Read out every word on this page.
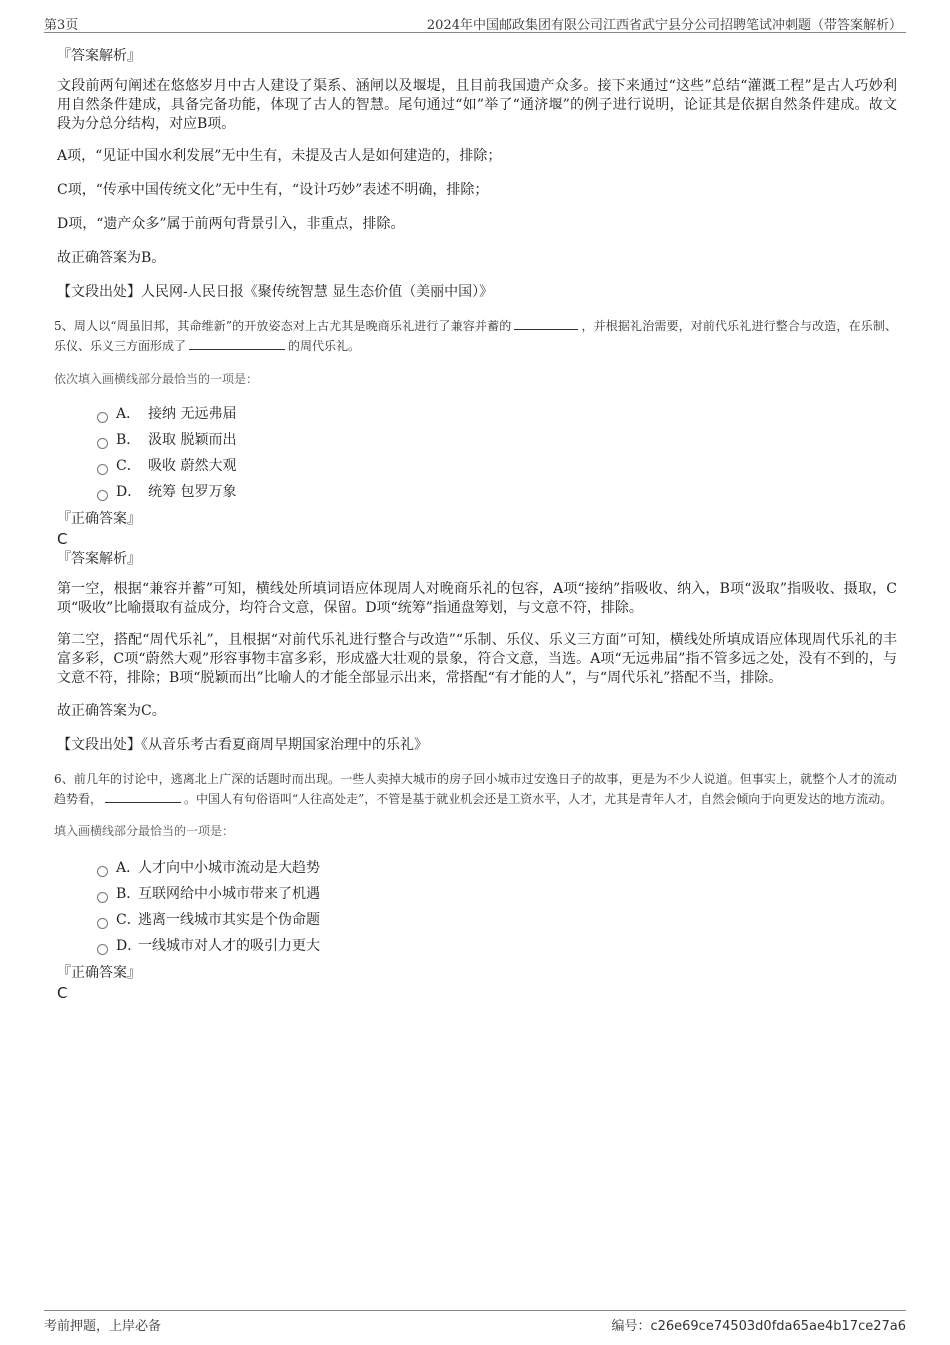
第3页	2024年中国邮政集团有限公司江西省武宁县分公司招聘笔试冲刺题（带答案解析）
『答案解析』

文段前两句阐述在悠悠岁月中古人建设了渠系、涵闸以及堰堤，且目前我国遗产众多。接下来通过“这些”总结“灌溉工程”是古人巧妙利用自然条件建成，具备完备功能，体现了古人的智慧。尾句通过“如”举了“通济堰”的例子进行说明，论证其是依据自然条件建成。故文段为分总分结构，对应B项。

A项，“见证中国水利发展”无中生有，未提及古人是如何建造的，排除；

C项，“传承中国传统文化”无中生有，“设计巧妙”表述不明确，排除；

D项，“遗产众多”属于前两句背景引入，非重点，排除。

故正确答案为B。

【文段出处】人民网-人民日报《聚传统智慧 显生态价值（美丽中国）》

5、周人以“周虽旧邦，其命维新”的开放姿态对上古尤其是晚商乐礼进行了兼容并蓄的	，并根据礼治需要，对前代乐礼进行整合与改造，在乐制、乐仪、乐义三方面形成了	的周代乐礼。

依次填入画横线部分最恰当的一项是：

A． 接纳 无远弗届
B． 汲取 脱颖而出
C． 吸收 蔚然大观
D． 统筹 包罗万象
『正确答案』
C
『答案解析』

第一空，根据“兼容并蓄”可知，横线处所填词语应体现周人对晚商乐礼的包容，A项“接纳”指吸收、纳入，B项“汲取”指吸收、摄取，C项“吸收”比喻摄取有益成分，均符合文意，保留。D项“统筹”指通盘筹划，与文意不符，排除。

第二空，搭配“周代乐礼”，且根据“对前代乐礼进行整合与改造”“乐制、乐仪、乐义三方面”可知，横线处所填成语应体现周代乐礼的丰富多彩，C项“蔚然大观”形容事物丰富多彩，形成盛大壮观的景象，符合文意，当选。A项“无远弗届”指不管多远之处，没有不到的，与文意不符，排除；B项“脱颖而出”比喻人的才能全部显示出来，常搭配“有才能的人”，与“周代乐礼”搭配不当，排除。

故正确答案为C。

【文段出处】《从音乐考古看夏商周早期国家治理中的乐礼》

6、前几年的讨论中，逃离北上广深的话题时而出现。一些人卖掉大城市的房子回小城市过安逸日子的故事，更是为不少人说道。但事实上，就整个人才的流动趋势看，	。中国人有句俗语叫“人往高处走”，不管是基于就业机会还是工资水平，人才，尤其是青年人才，自然会倾向于向更发达的地方流动。

填入画横线部分最恰当的一项是：

A．
人才向中小城市流动是大趋势
B．
互联网给中小城市带来了机遇
C．
逃离一线城市其实是个伪命题
D．
一线城市对人才的吸引力更大
『正确答案』
C
考前押题，上岸必备	编号：c26e69ce74503d0fda65ae4b17ce27a6
